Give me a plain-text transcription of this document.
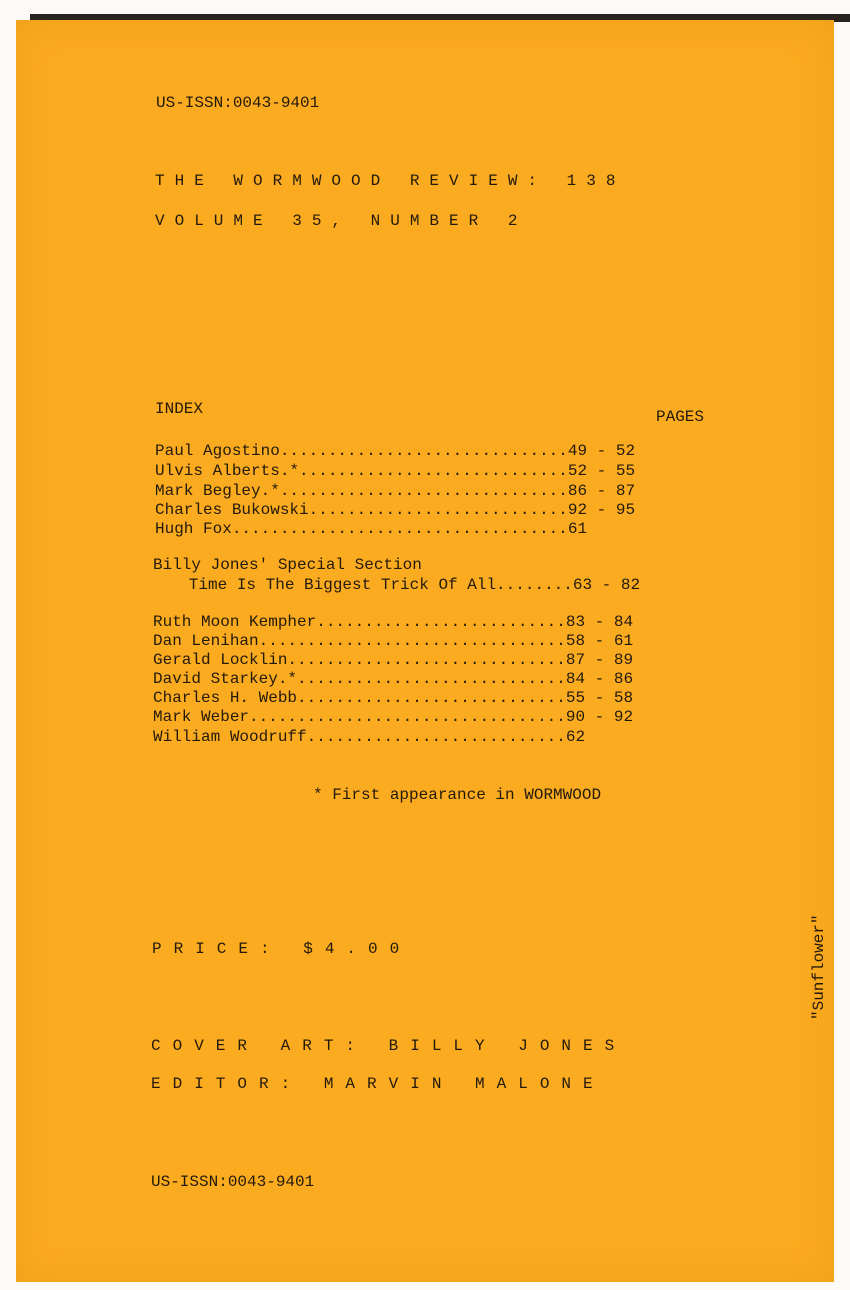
US-ISSN:0043-9401
THE WORMWOOD REVIEW: 138
VOLUME 35, NUMBER 2
INDEX	PAGES
Paul Agostino..............................49 - 52
Ulvis Alberts.*............................52 - 55
Mark Begley.*..............................86 - 87
Charles Bukowski...........................92 - 95
Hugh Fox...................................61
Billy Jones' Special Section
Time Is The Biggest Trick Of All........63 - 82
Ruth Moon Kempher..........................83 - 84
Dan Lenihan................................58 - 61
Gerald Locklin.............................87 - 89
David Starkey.*............................84 - 86
Charles H. Webb............................55 - 58
Mark Weber.................................90 - 92
William Woodruff...........................62
* First appearance in WORMWOOD
PRICE: $4.00
COVER ART: BILLY JONES
EDITOR: MARVIN MALONE
US-ISSN:0043-9401
"Sunflower"
